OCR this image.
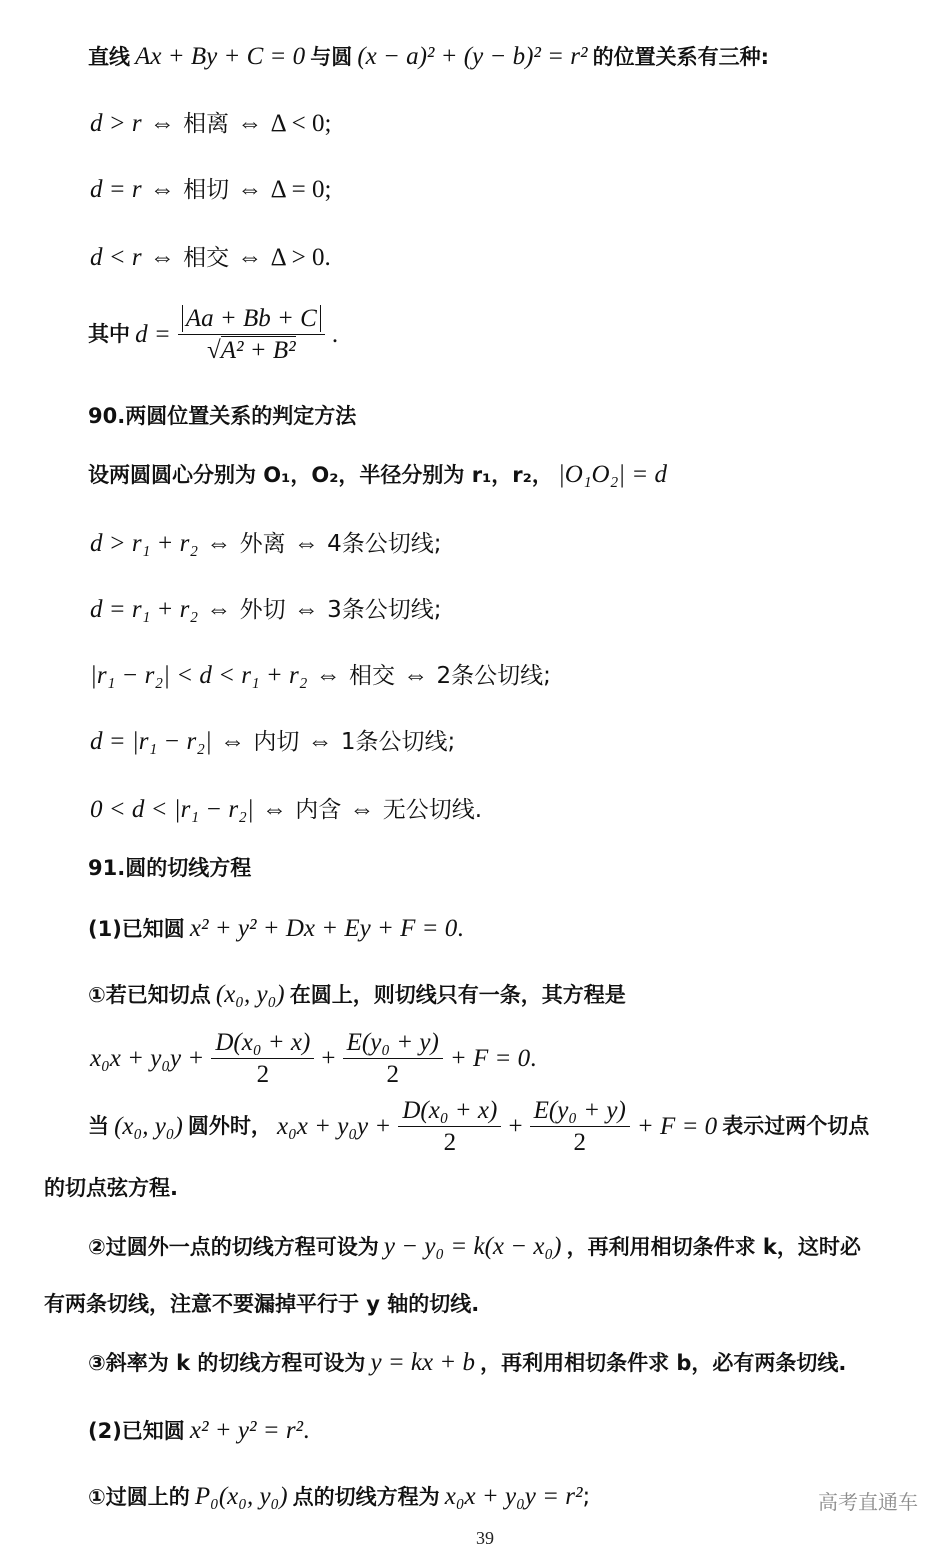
直线 Ax + By + C = 0 与圆 (x − a)² + (y − b)² = r² 的位置关系有三种:
d > r ⇔ 相离 ⇔ Δ < 0;
d = r ⇔ 相切 ⇔ Δ = 0;
d < r ⇔ 相交 ⇔ Δ > 0.
其中 $d = \frac{Aa + Bb + C}{\text{√A² + B²}}$ .
90.两圆位置关系的判定方法
设两圆圆心分别为 O₁，O₂，半径分别为 r₁，r₂， |O₁O₂| = d
d > r₁ + r₂ ⇔ 外离 ⇔ 4条公切线;
d = r₁ + r₂ ⇔ 外切 ⇔ 3条公切线;
|r₁ − r₂| < d < r₁ + r₂ ⇔ 相交 ⇔ 2条公切线;
d = |r₁ − r₂| ⇔ 内切 ⇔ 1条公切线;
0 < d < |r₁ − r₂| ⇔ 内含 ⇔ 无公切线.
91.圆的切线方程
(1)已知圆 x² + y² + Dx + Ey + F = 0.
①若已知切点 (x₀, y₀) 在圆上，则切线只有一条，其方程是
$x_0x + y_0y + \frac{\text{D(x₀ + x)}}{2} + \frac{\text{E(y₀ + y)}}{2} + F = 0$.
当 (x₀, y₀) 圆外时， $x_0x + y_0y + \frac{\text{D(x₀ + x)}}{2} + \frac{\text{E(y₀ + y)}}{2} + F = 0$ 表示过两个切点
的切点弦方程.
②过圆外一点的切线方程可设为 y − y₀ = k(x − x₀) ，再利用相切条件求 k，这时必
有两条切线，注意不要漏掉平行于 y 轴的切线.
③斜率为 k 的切线方程可设为 y = kx + b ，再利用相切条件求 b，必有两条切线.
(2)已知圆 x² + y² = r².
①过圆上的 P₀(x₀, y₀) 点的切线方程为 x₀x + y₀y = r²;	高考直通车
39
